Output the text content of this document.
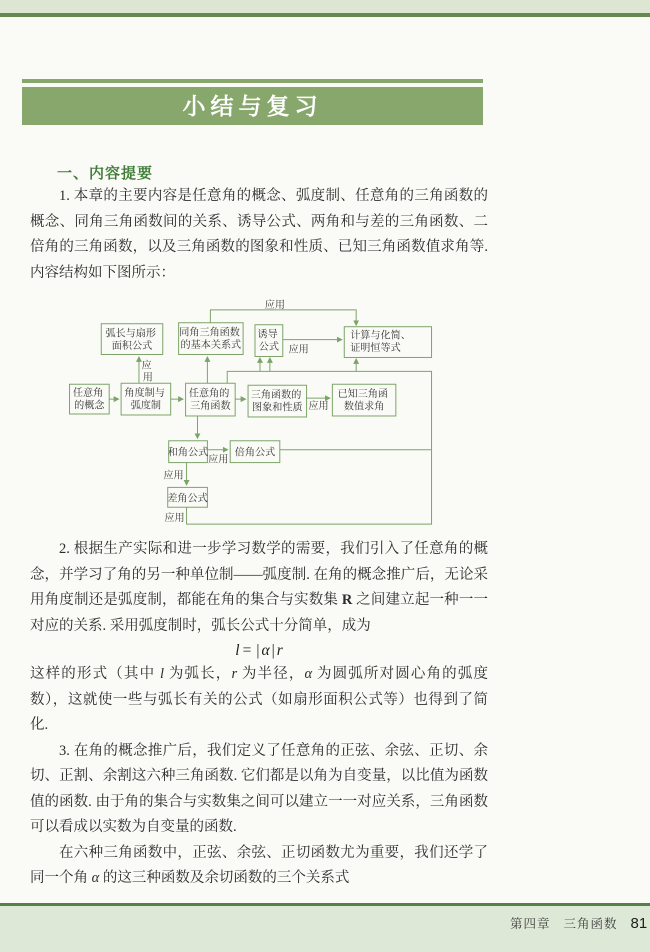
小结与复习
一、内容提要

1. 本章的主要内容是任意角的概念、弧度制、任意角的三角函数的概念、同角三角函数间的关系、诱导公式、两角和与差的三角函数、二倍角的三角函数，以及三角函数的图象和性质、已知三角函数值求角等. 内容结构如下图所示：

应用
应用
应用
应用
应用
应用
应 用
弧长与扇形 面积公式
同角三角函数 的基本关系式
诱导 公式
计算与化简、 证明恒等式
任意角 的概念
角度制与 弧度制
任意角的 三角函数
三角函数的 图象和性质
已知三角函 数值求角
和角公式	倍角公式
差角公式

2. 根据生产实际和进一步学习数学的需要，我们引入了任意角的概念，并学习了角的另一种单位制——弧度制. 在角的概念推广后，无论采用角度制还是弧度制，都能在角的集合与实数集 R 之间建立起一种一一对应的关系. 采用弧度制时，弧长公式十分简单，成为

l = | α | r

这样的形式（其中 l 为弧长，r 为半径，α 为圆弧所对圆心角的弧度数），这就使一些与弧长有关的公式（如扇形面积公式等）也得到了简化.

3. 在角的概念推广后，我们定义了任意角的正弦、余弦、正切、余切、正割、余割这六种三角函数. 它们都是以角为自变量，以比值为函数值的函数. 由于角的集合与实数集之间可以建立一一对应关系，三角函数可以看成以实数为自变量的函数.

在六种三角函数中，正弦、余弦、正切函数尤为重要，我们还学了同一个角 α 的这三种函数及余切函数的三个关系式

第四章 三角函数 81
